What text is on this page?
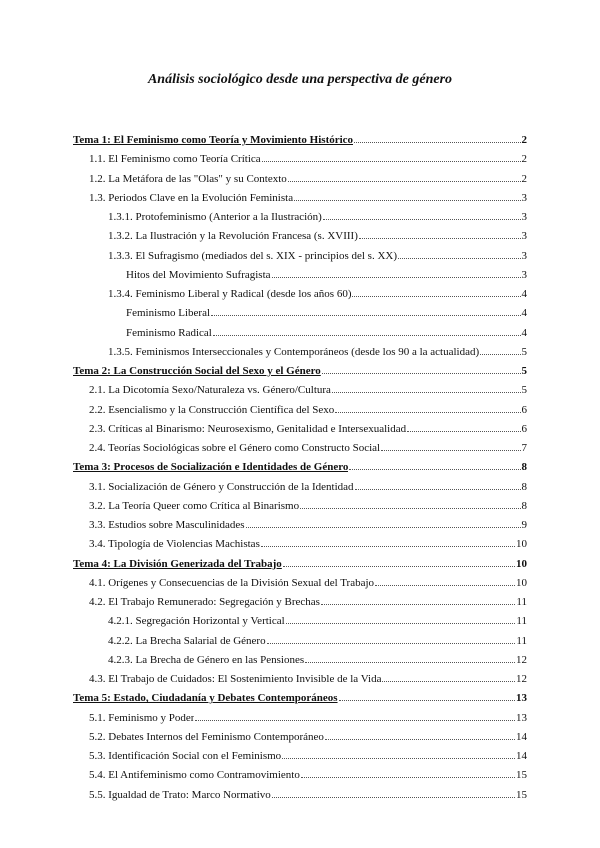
Análisis sociológico desde una perspectiva de género
Tema 1: El Feminismo como Teoría y Movimiento Histórico	2
1.1. El Feminismo como Teoría Crítica	2
1.2. La Metáfora de las "Olas" y su Contexto	2
1.3. Periodos Clave en la Evolución Feminista	3
1.3.1. Protofeminismo (Anterior a la Ilustración)	3
1.3.2. La Ilustración y la Revolución Francesa (s. XVIII)	3
1.3.3. El Sufragismo (mediados del s. XIX - principios del s. XX)	3
Hitos del Movimiento Sufragista	3
1.3.4. Feminismo Liberal y Radical (desde los años 60)	4
Feminismo Liberal	4
Feminismo Radical	4
1.3.5. Feminismos Interseccionales y Contemporáneos (desde los 90 a la actualidad)	5
Tema 2: La Construcción Social del Sexo y el Género	5
2.1. La Dicotomía Sexo/Naturaleza vs. Género/Cultura	5
2.2. Esencialismo y la Construcción Científica del Sexo	6
2.3. Críticas al Binarismo: Neurosexismo, Genitalidad e Intersexualidad	6
2.4. Teorías Sociológicas sobre el Género como Constructo Social	7
Tema 3: Procesos de Socialización e Identidades de Género	8
3.1. Socialización de Género y Construcción de la Identidad	8
3.2. La Teoría Queer como Crítica al Binarismo	8
3.3. Estudios sobre Masculinidades	9
3.4. Tipología de Violencias Machistas	10
Tema 4: La División Generizada del Trabajo	10
4.1. Orígenes y Consecuencias de la División Sexual del Trabajo	10
4.2. El Trabajo Remunerado: Segregación y Brechas	11
4.2.1. Segregación Horizontal y Vertical	11
4.2.2. La Brecha Salarial de Género	11
4.2.3. La Brecha de Género en las Pensiones	12
4.3. El Trabajo de Cuidados: El Sostenimiento Invisible de la Vida	12
Tema 5: Estado, Ciudadanía y Debates Contemporáneos	13
5.1. Feminismo y Poder	13
5.2. Debates Internos del Feminismo Contemporáneo	14
5.3. Identificación Social con el Feminismo	14
5.4. El Antifeminismo como Contramovimiento	15
5.5. Igualdad de Trato: Marco Normativo	15
